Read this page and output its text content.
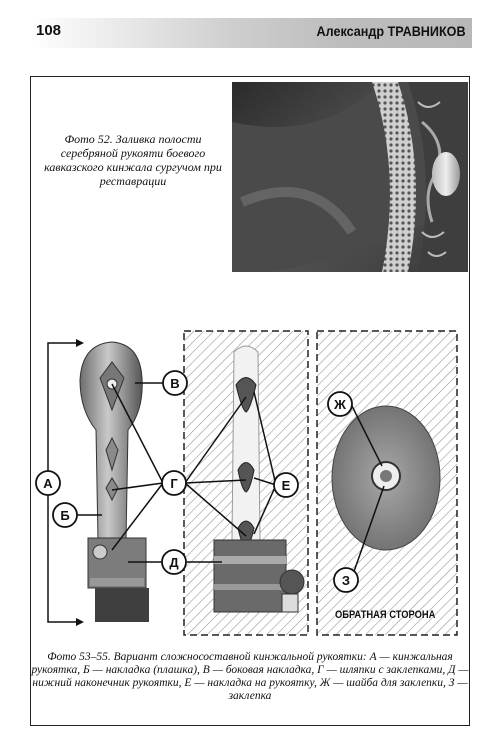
108	Александр ТРАВНИКОВ
Фото 52. Заливка полости серебряной рукояти боевого кавказского кинжала сургучом при реставрации
А
Б
В
Г
Д
Е
Ж
З
ОБРАТНАЯ СТОРОНА
Фото 53–55. Вариант сложносоставной кинжальной рукоятки: А — кинжальная рукоятка, Б — накладка (плашка), В — боковая накладка, Г — шляпки с заклепками, Д — нижний наконечник рукоятки, Е — накладка на рукоятку, Ж — шайба для заклепки, З — заклепка
